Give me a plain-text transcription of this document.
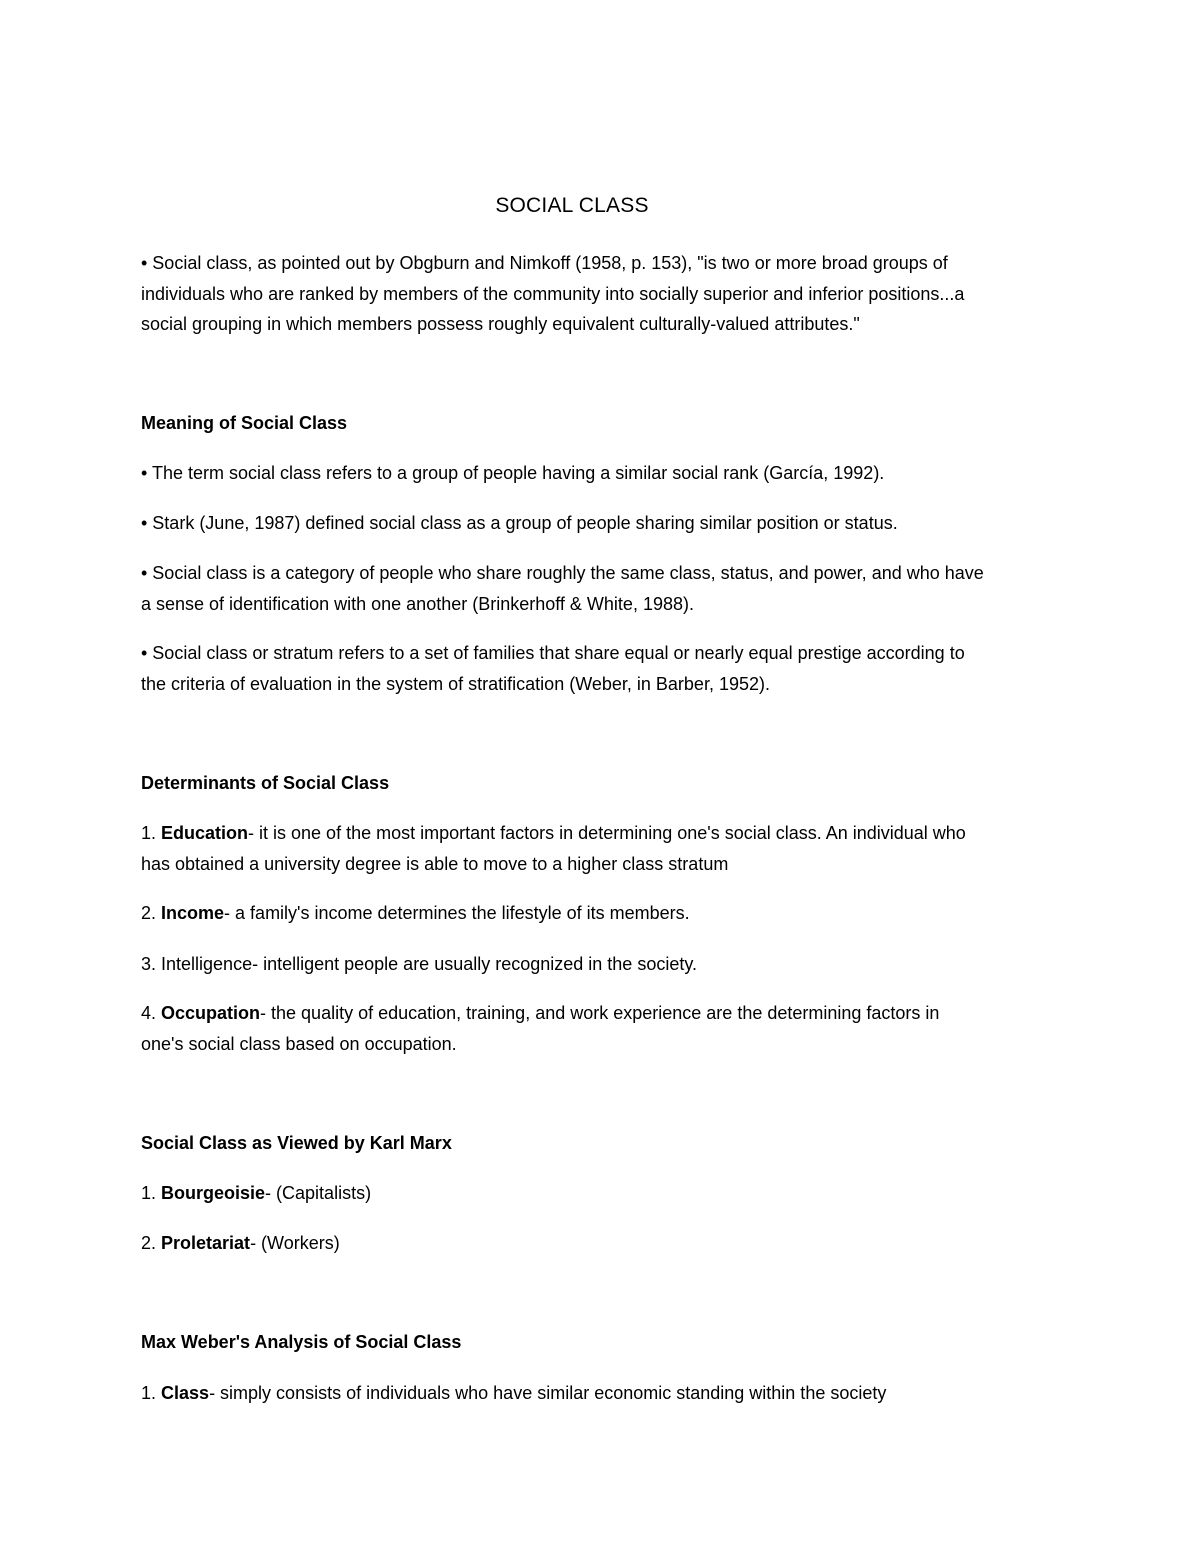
SOCIAL CLASS
• Social class, as pointed out by Obgburn and Nimkoff (1958, p. 153), "is two or more broad groups of
individuals who are ranked by members of the community into socially superior and inferior positions...a
social grouping in which members possess roughly equivalent culturally-valued attributes."
Meaning of Social Class
• The term social class refers to a group of people having a similar social rank (García, 1992).
• Stark (June, 1987) defined social class as a group of people sharing similar position or status.
• Social class is a category of people who share roughly the same class, status, and power, and who have
a sense of identification with one another (Brinkerhoff & White, 1988).
• Social class or stratum refers to a set of families that share equal or nearly equal prestige according to
the criteria of evaluation in the system of stratification (Weber, in Barber, 1952).
Determinants of Social Class
1. Education- it is one of the most important factors in determining one's social class. An individual who
has obtained a university degree is able to move to a higher class stratum
2. Income- a family's income determines the lifestyle of its members.
3. Intelligence- intelligent people are usually recognized in the society.
4. Occupation- the quality of education, training, and work experience are the determining factors in
one's social class based on occupation.
Social Class as Viewed by Karl Marx
1. Bourgeoisie- (Capitalists)
2. Proletariat- (Workers)
Max Weber's Analysis of Social Class
1. Class- simply consists of individuals who have similar economic standing within the society
